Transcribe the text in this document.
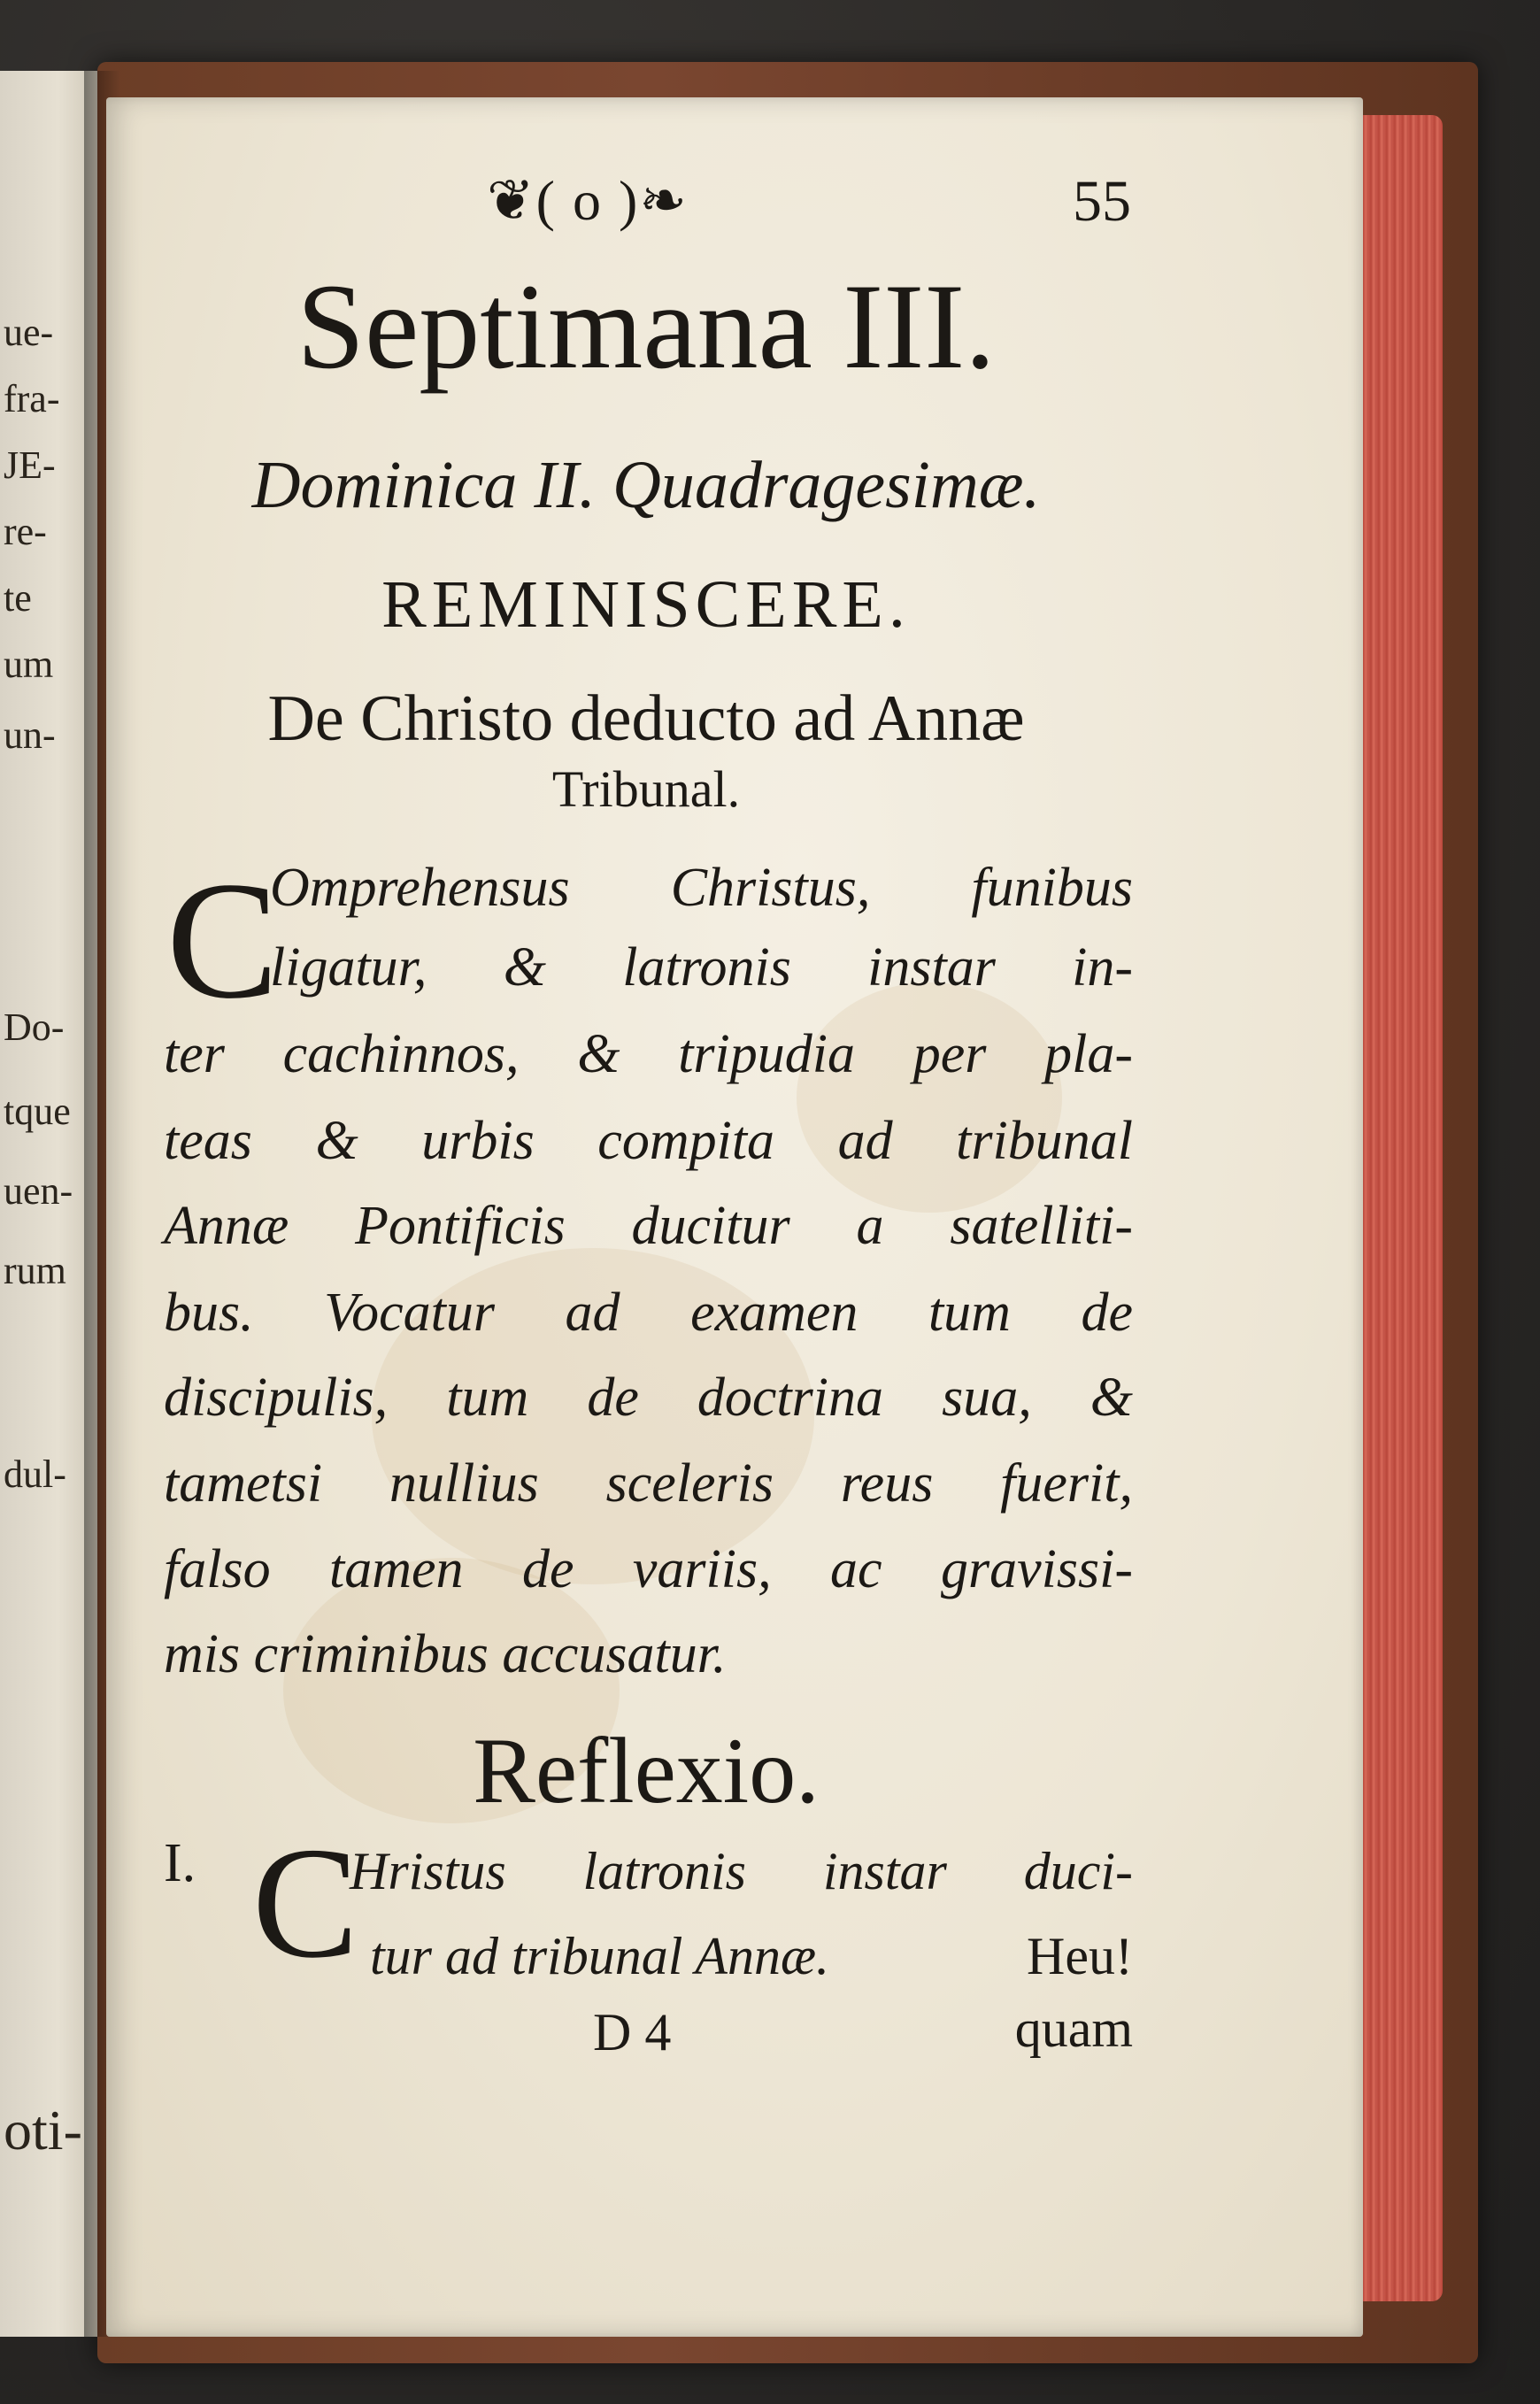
ue-
fra-
JE-
re-
te
um
un-
Do-
tque
uen-
rum
dul-
oti-
❦( o )❧	55
Septimana III.
Dominica II. Quadragesimæ.
REMINISCERE.
De Christo deducto ad Annæ
Tribunal.
C
Omprehensus Christus, funibus
ligatur, & latronis instar in-
ter cachinnos, & tripudia per pla-
teas & urbis compita ad tribunal
Annæ Pontificis ducitur a satelliti-
bus. Vocatur ad examen tum de
discipulis, tum de doctrina sua, &
tametsi nullius sceleris reus fuerit,
falso tamen de variis, ac gravissi-
mis criminibus accusatur.
Reflexio.
I. C
Hristus latronis instar duci-
tur ad tribunal Annæ.	Heu!
D 4	quam
